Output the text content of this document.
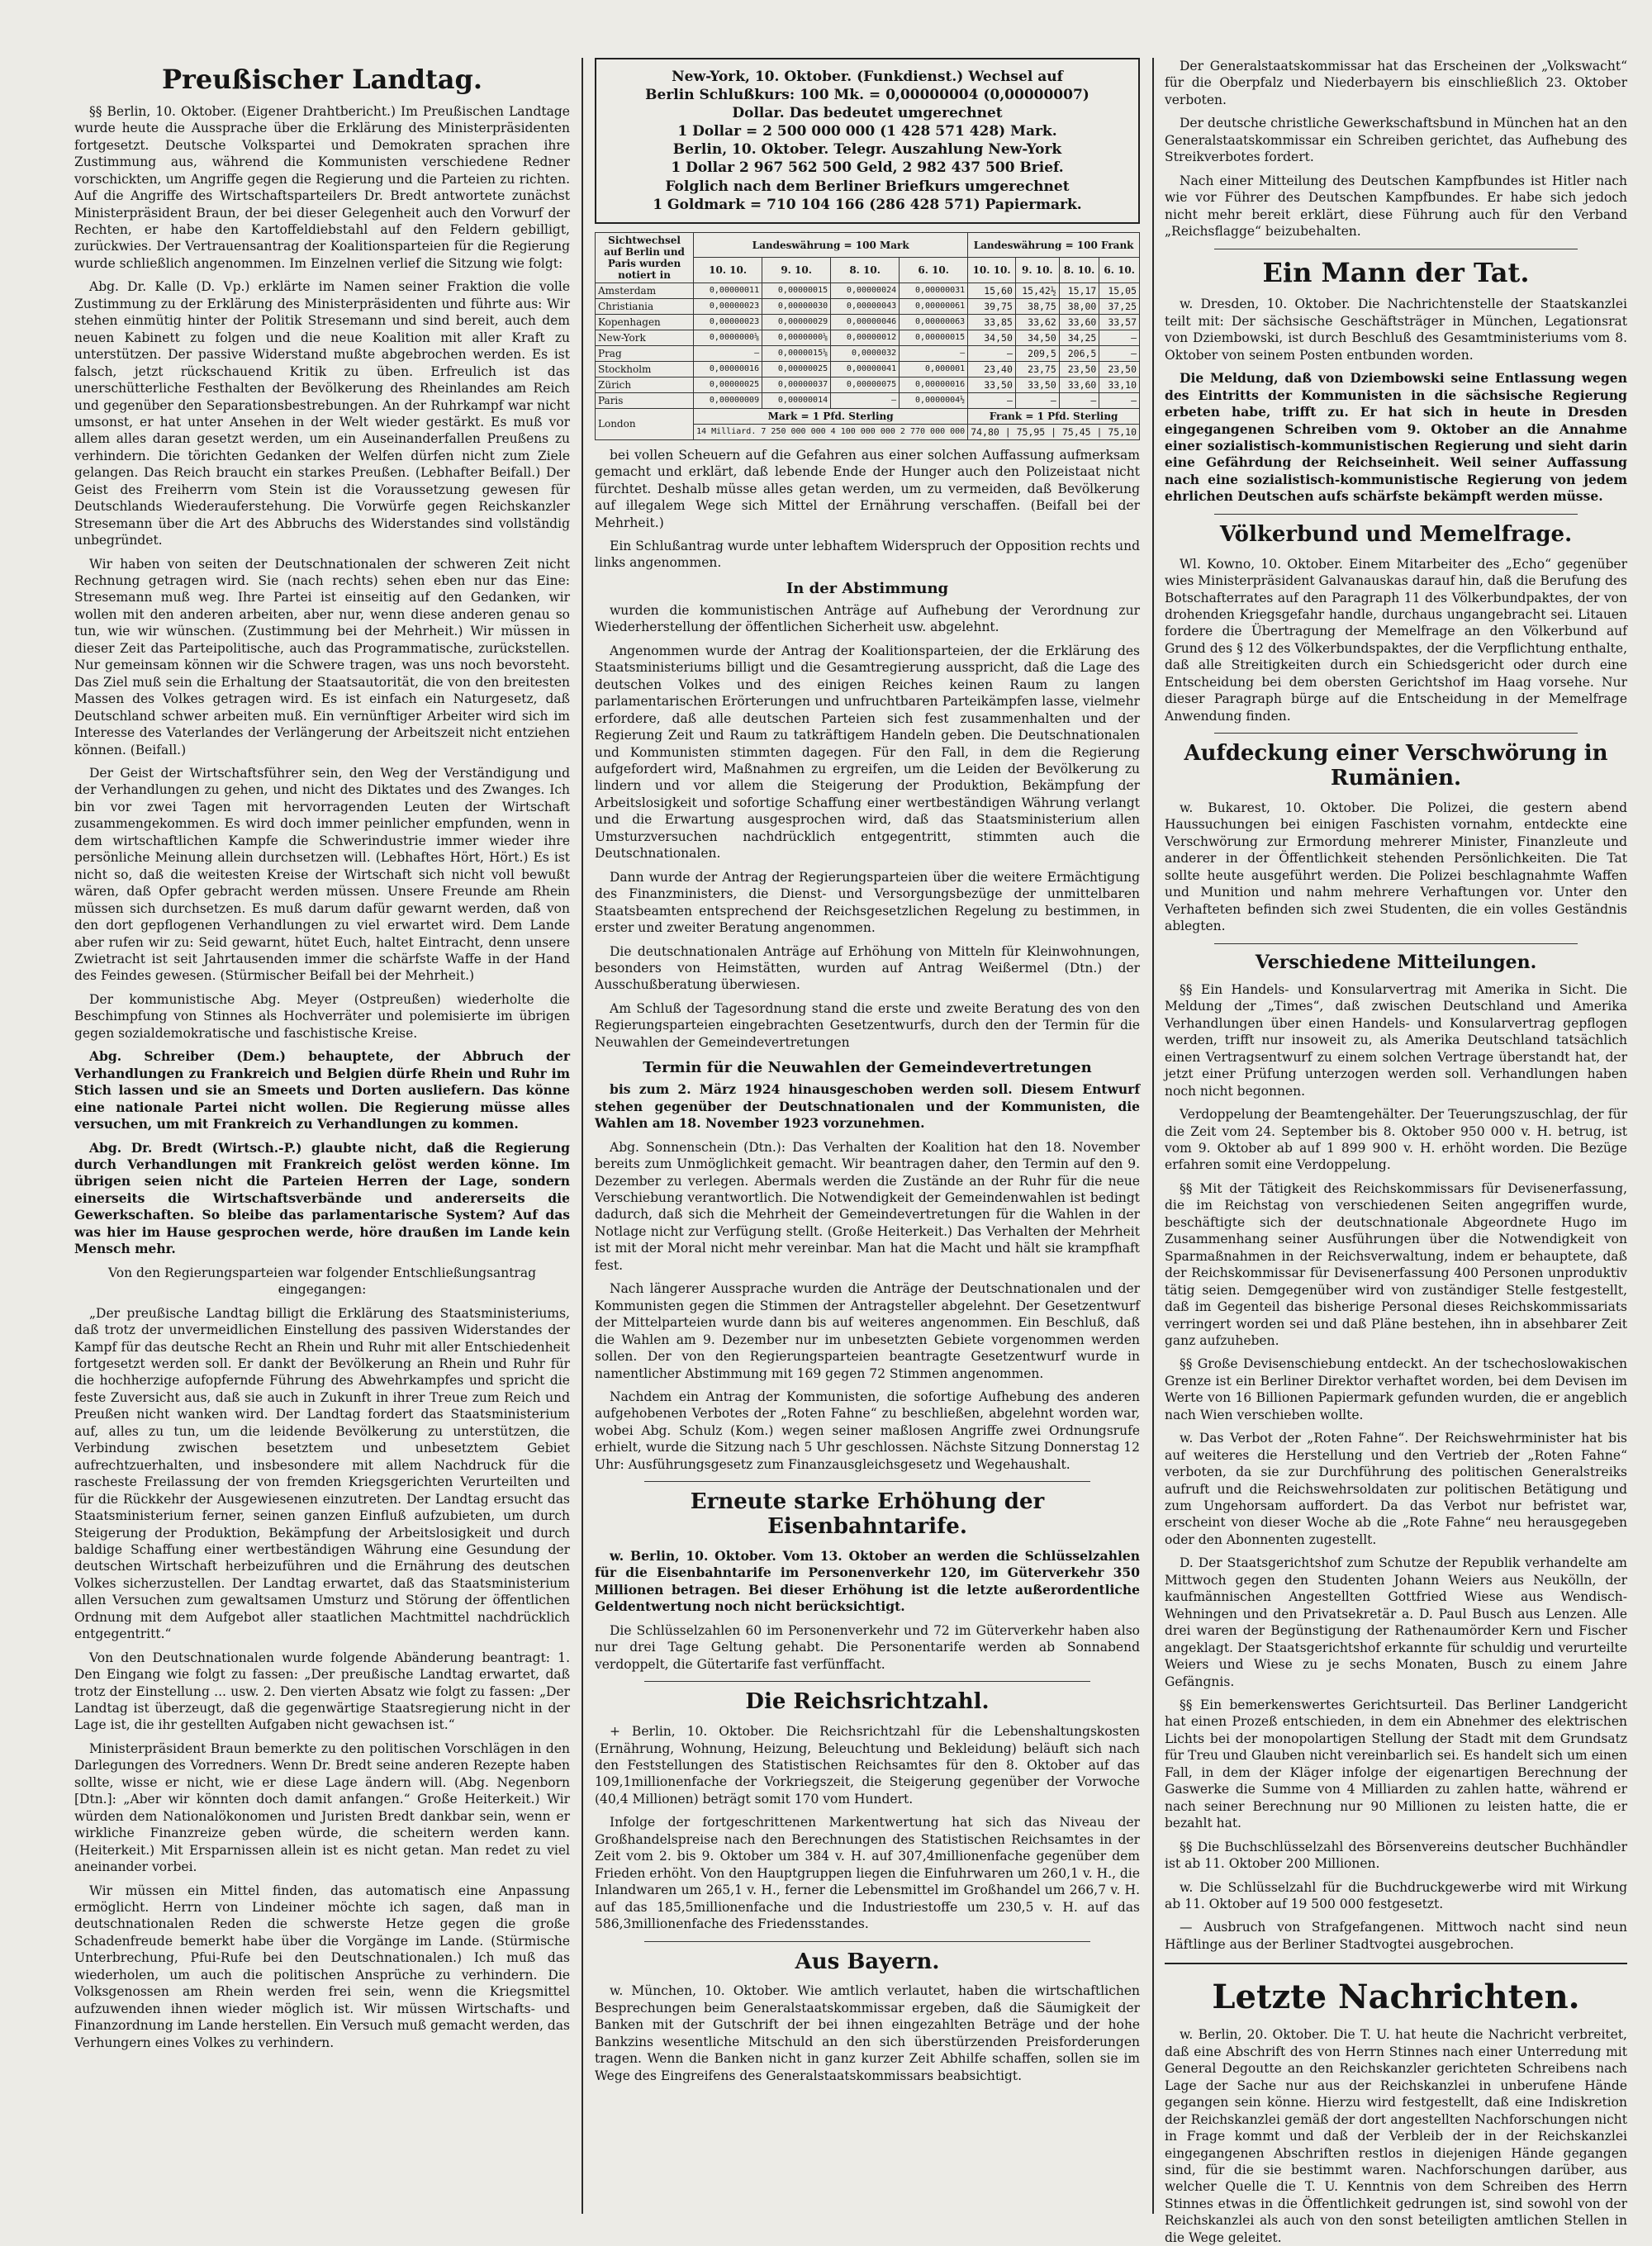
Preußischer Landtag.

§§ Berlin, 10. Oktober. (Eigener Drahtbericht.) Im Preußischen Landtage wurde heute die Aussprache über die Erklärung des Ministerpräsidenten fortgesetzt. Deutsche Volkspartei und Demokraten sprachen ihre Zustimmung aus, während die Kommunisten verschiedene Redner vorschickten, um Angriffe gegen die Regierung und die Parteien zu richten. Auf die Angriffe des Wirtschaftsparteilers Dr. Bredt antwortete zunächst Ministerpräsident Braun, der bei dieser Gelegenheit auch den Vorwurf der Rechten, er habe den Kartoffeldiebstahl auf den Feldern gebilligt, zurückwies. Der Vertrauensantrag der Koalitionsparteien für die Regierung wurde schließlich angenommen. Im Einzelnen verlief die Sitzung wie folgt:

Abg. Dr. Kalle (D. Vp.) erklärte im Namen seiner Fraktion die volle Zustimmung zu der Erklärung des Ministerpräsidenten und führte aus: Wir stehen einmütig hinter der Politik Stresemann und sind bereit, auch dem neuen Kabinett zu folgen und die neue Koalition mit aller Kraft zu unterstützen. Der passive Widerstand mußte abgebrochen werden. Es ist falsch, jetzt rückschauend Kritik zu üben. Erfreulich ist das unerschütterliche Festhalten der Bevölkerung des Rheinlandes am Reich und gegenüber den Separationsbestrebungen. An der Ruhrkampf war nicht umsonst, er hat unter Ansehen in der Welt wieder gestärkt. Es muß vor allem alles daran gesetzt werden, um ein Auseinanderfallen Preußens zu verhindern. Die törichten Gedanken der Welfen dürfen nicht zum Ziele gelangen. Das Reich braucht ein starkes Preußen. (Lebhafter Beifall.) Der Geist des Freiherrn vom Stein ist die Voraussetzung gewesen für Deutschlands Wiederauferstehung. Die Vorwürfe gegen Reichskanzler Stresemann über die Art des Abbruchs des Widerstandes sind vollständig unbegründet.

Wir haben von seiten der Deutschnationalen der schweren Zeit nicht Rechnung getragen wird. Sie (nach rechts) sehen eben nur das Eine: Stresemann muß weg. Ihre Partei ist einseitig auf den Gedanken, wir wollen mit den anderen arbeiten, aber nur, wenn diese anderen genau so tun, wie wir wünschen. (Zustimmung bei der Mehrheit.) Wir müssen in dieser Zeit das Parteipolitische, auch das Programmatische, zurückstellen. Nur gemeinsam können wir die Schwere tragen, was uns noch bevorsteht. Das Ziel muß sein die Erhaltung der Staatsautorität, die von den breitesten Massen des Volkes getragen wird. Es ist einfach ein Naturgesetz, daß Deutschland schwer arbeiten muß. Ein vernünftiger Arbeiter wird sich im Interesse des Vaterlandes der Verlängerung der Arbeitszeit nicht entziehen können. (Beifall.)

Der Geist der Wirtschaftsführer sein, den Weg der Verständigung und der Verhandlungen zu gehen, und nicht des Diktates und des Zwanges. Ich bin vor zwei Tagen mit hervorragenden Leuten der Wirtschaft zusammengekommen. Es wird doch immer peinlicher empfunden, wenn in dem wirtschaftlichen Kampfe die Schwerindustrie immer wieder ihre persönliche Meinung allein durchsetzen will. (Lebhaftes Hört, Hört.) Es ist nicht so, daß die weitesten Kreise der Wirtschaft sich nicht voll bewußt wären, daß Opfer gebracht werden müssen. Unsere Freunde am Rhein müssen sich durchsetzen. Es muß darum dafür gewarnt werden, daß von den dort gepflogenen Verhandlungen zu viel erwartet wird. Dem Lande aber rufen wir zu: Seid gewarnt, hütet Euch, haltet Eintracht, denn unsere Zwietracht ist seit Jahrtausenden immer die schärfste Waffe in der Hand des Feindes gewesen. (Stürmischer Beifall bei der Mehrheit.)

Der kommunistische Abg. Meyer (Ostpreußen) wiederholte die Beschimpfung von Stinnes als Hochverräter und polemisierte im übrigen gegen sozialdemokratische und faschistische Kreise.

Abg. Schreiber (Dem.) behauptete, der Abbruch der Verhandlungen zu Frankreich und Belgien dürfe Rhein und Ruhr im Stich lassen und sie an Smeets und Dorten ausliefern. Das könne eine nationale Partei nicht wollen. Die Regierung müsse alles versuchen, um mit Frankreich zu Verhandlungen zu kommen.

Abg. Dr. Bredt (Wirtsch.-P.) glaubte nicht, daß die Regierung durch Verhandlungen mit Frankreich gelöst werden könne. Im übrigen seien nicht die Parteien Herren der Lage, sondern einerseits die Wirtschaftsverbände und andererseits die Gewerkschaften. So bleibe das parlamentarische System? Auf das was hier im Hause gesprochen werde, höre draußen im Lande kein Mensch mehr.

Von den Regierungsparteien war folgender Entschließungsantrag eingegangen:

„Der preußische Landtag billigt die Erklärung des Staatsministeriums, daß trotz der unvermeidlichen Einstellung des passiven Widerstandes der Kampf für das deutsche Recht an Rhein und Ruhr mit aller Entschiedenheit fortgesetzt werden soll. Er dankt der Bevölkerung an Rhein und Ruhr für die hochherzige aufopfernde Führung des Abwehrkampfes und spricht die feste Zuversicht aus, daß sie auch in Zukunft in ihrer Treue zum Reich und Preußen nicht wanken wird. Der Landtag fordert das Staatsministerium auf, alles zu tun, um die leidende Bevölkerung zu unterstützen, die Verbindung zwischen besetztem und unbesetztem Gebiet aufrechtzuerhalten, und insbesondere mit allem Nachdruck für die rascheste Freilassung der von fremden Kriegsgerichten Verurteilten und für die Rückkehr der Ausgewiesenen einzutreten. Der Landtag ersucht das Staatsministerium ferner, seinen ganzen Einfluß aufzubieten, um durch Steigerung der Produktion, Bekämpfung der Arbeitslosigkeit und durch baldige Schaffung einer wertbeständigen Währung eine Gesundung der deutschen Wirtschaft herbeizuführen und die Ernährung des deutschen Volkes sicherzustellen. Der Landtag erwartet, daß das Staatsministerium allen Versuchen zum gewaltsamen Umsturz und Störung der öffentlichen Ordnung mit dem Aufgebot aller staatlichen Machtmittel nachdrücklich entgegentritt.“

Von den Deutschnationalen wurde folgende Abänderung beantragt: 1. Den Eingang wie folgt zu fassen: „Der preußische Landtag erwartet, daß trotz der Einstellung ... usw. 2. Den vierten Absatz wie folgt zu fassen: „Der Landtag ist überzeugt, daß die gegenwärtige Staatsregierung nicht in der Lage ist, die ihr gestellten Aufgaben nicht gewachsen ist.“

Ministerpräsident Braun bemerkte zu den politischen Vorschlägen in den Darlegungen des Vorredners. Wenn Dr. Bredt seine anderen Rezepte haben sollte, wisse er nicht, wie er diese Lage ändern will. (Abg. Negenborn [Dtn.]: „Aber wir könnten doch damit anfangen.“ Große Heiterkeit.) Wir würden dem Nationalökonomen und Juristen Bredt dankbar sein, wenn er wirkliche Finanzreize geben würde, die scheitern werden kann. (Heiterkeit.) Mit Ersparnissen allein ist es nicht getan. Man redet zu viel aneinander vorbei.

Wir müssen ein Mittel finden, das automatisch eine Anpassung ermöglicht. Herrn von Lindeiner möchte ich sagen, daß man in deutschnationalen Reden die schwerste Hetze gegen die große Schadenfreude bemerkt habe über die Vorgänge im Lande. (Stürmische Unterbrechung, Pfui-Rufe bei den Deutschnationalen.) Ich muß das wiederholen, um auch die politischen Ansprüche zu verhindern. Die Volksgenossen am Rhein werden frei sein, wenn die Kriegsmittel aufzuwenden ihnen wieder möglich ist. Wir müssen Wirtschafts- und Finanzordnung im Lande herstellen. Ein Versuch muß gemacht werden, das Verhungern eines Volkes zu verhindern.

New-York, 10. Oktober. (Funkdienst.) Wechsel auf

Berlin Schlußkurs: 100 Mk. = 0,00000004 (0,00000007)

Dollar. Das bedeutet umgerechnet

1 Dollar = 2 500 000 000 (1 428 571 428) Mark.

Berlin, 10. Oktober. Telegr. Auszahlung New-York

1 Dollar 2 967 562 500 Geld, 2 982 437 500 Brief.

Folglich nach dem Berliner Briefkurs umgerechnet

1 Goldmark = 710 104 166 (286 428 571) Papiermark.

Sichtwechsel auf Berlin und Paris wurden notiert in	Landeswährung = 100 Mark				Landeswährung = 100 Frank			
	10. 10.	9. 10.	8. 10.	6. 10.	10. 10.	9. 10.	8. 10.	6. 10.
Amsterdam	0,00000011	0,00000015	0,00000024	0,00000031	15,60	15,42½	15,17	15,05
Christiania	0,00000023	0,00000030	0,00000043	0,00000061	39,75	38,75	38,00	37,25
Kopenhagen	0,00000023	0,00000029	0,00000046	0,00000063	33,85	33,62	33,60	33,57
New-York	0,0000000⅛	0,0000000⅛	0,00000012	0,00000015	34,50	34,50	34,25	—
Prag	—	0,0000015⅛	0,0000032	—	—	209,5	206,5	—
Stockholm	0,00000016	0,00000025	0,00000041	0,000001	23,40	23,75	23,50	23,50
Zürich	0,00000025	0,00000037	0,00000075	0,00000016	33,50	33,50	33,60	33,10
Paris	0,00000009	0,00000014	—	0,0000004½	—	—	—	—
London	Mark = 1 Pfd. Sterling				Frank = 1 Pfd. Sterling			
	14 Milliard. 7 250 000 000 4 100 000 000 2 770 000 000				74,80 | 75,95 | 75,45 | 75,10			

bei vollen Scheuern auf die Gefahren aus einer solchen Auffassung aufmerksam gemacht und erklärt, daß lebende Ende der Hunger auch den Polizeistaat nicht fürchtet. Deshalb müsse alles getan werden, um zu vermeiden, daß Bevölkerung auf illegalem Wege sich Mittel der Ernährung verschaffen. (Beifall bei der Mehrheit.)

Ein Schlußantrag wurde unter lebhaftem Widerspruch der Opposition rechts und links angenommen.

In der Abstimmung

wurden die kommunistischen Anträge auf Aufhebung der Verordnung zur Wiederherstellung der öffentlichen Sicherheit usw. abgelehnt.

Angenommen wurde der Antrag der Koalitionsparteien, der die Erklärung des Staatsministeriums billigt und die Gesamtregierung ausspricht, daß die Lage des deutschen Volkes und des einigen Reiches keinen Raum zu langen parlamentarischen Erörterungen und unfruchtbaren Parteikämpfen lasse, vielmehr erfordere, daß alle deutschen Parteien sich fest zusammenhalten und der Regierung Zeit und Raum zu tatkräftigem Handeln geben. Die Deutschnationalen und Kommunisten stimmten dagegen. Für den Fall, in dem die Regierung aufgefordert wird, Maßnahmen zu ergreifen, um die Leiden der Bevölkerung zu lindern und vor allem die Steigerung der Produktion, Bekämpfung der Arbeitslosigkeit und sofortige Schaffung einer wertbeständigen Währung verlangt und die Erwartung ausgesprochen wird, daß das Staatsministerium allen Umsturzversuchen nachdrücklich entgegentritt, stimmten auch die Deutschnationalen.

Dann wurde der Antrag der Regierungsparteien über die weitere Ermächtigung des Finanzministers, die Dienst- und Versorgungsbezüge der unmittelbaren Staatsbeamten entsprechend der Reichsgesetzlichen Regelung zu bestimmen, in erster und zweiter Beratung angenommen.

Die deutschnationalen Anträge auf Erhöhung von Mitteln für Kleinwohnungen, besonders von Heimstätten, wurden auf Antrag Weißermel (Dtn.) der Ausschußberatung überwiesen.

Am Schluß der Tagesordnung stand die erste und zweite Beratung des von den Regierungsparteien eingebrachten Gesetzentwurfs, durch den der Termin für die Neuwahlen der Gemeindevertretungen

Termin für die Neuwahlen der Gemeindevertretungen

bis zum 2. März 1924 hinausgeschoben werden soll. Diesem Entwurf stehen gegenüber der Deutschnationalen und der Kommunisten, die Wahlen am 18. November 1923 vorzunehmen.

Abg. Sonnenschein (Dtn.): Das Verhalten der Koalition hat den 18. November bereits zum Unmöglichkeit gemacht. Wir beantragen daher, den Termin auf den 9. Dezember zu verlegen. Abermals werden die Zustände an der Ruhr für die neue Verschiebung verantwortlich. Die Notwendigkeit der Gemeindenwahlen ist bedingt dadurch, daß sich die Mehrheit der Gemeindevertretungen für die Wahlen in der Notlage nicht zur Verfügung stellt. (Große Heiterkeit.) Das Verhalten der Mehrheit ist mit der Moral nicht mehr vereinbar. Man hat die Macht und hält sie krampfhaft fest.

Nach längerer Aussprache wurden die Anträge der Deutschnationalen und der Kommunisten gegen die Stimmen der Antragsteller abgelehnt. Der Gesetzentwurf der Mittelparteien wurde dann bis auf weiteres angenommen. Ein Beschluß, daß die Wahlen am 9. Dezember nur im unbesetzten Gebiete vorgenommen werden sollen. Der von den Regierungsparteien beantragte Gesetzentwurf wurde in namentlicher Abstimmung mit 169 gegen 72 Stimmen angenommen.

Nachdem ein Antrag der Kommunisten, die sofortige Aufhebung des anderen aufgehobenen Verbotes der „Roten Fahne“ zu beschließen, abgelehnt worden war, wobei Abg. Schulz (Kom.) wegen seiner maßlosen Angriffe zwei Ordnungsrufe erhielt, wurde die Sitzung nach 5 Uhr geschlossen. Nächste Sitzung Donnerstag 12 Uhr: Ausführungsgesetz zum Finanzausgleichsgesetz und Wegehaushalt.

Erneute starke Erhöhung der Eisenbahntarife.

w. Berlin, 10. Oktober. Vom 13. Oktober an werden die Schlüsselzahlen für die Eisenbahntarife im Personenverkehr 120, im Güterverkehr 350 Millionen betragen. Bei dieser Erhöhung ist die letzte außerordentliche Geldentwertung noch nicht berücksichtigt.

Die Schlüsselzahlen 60 im Personenverkehr und 72 im Güterverkehr haben also nur drei Tage Geltung gehabt. Die Personentarife werden ab Sonnabend verdoppelt, die Gütertarife fast verfünffacht.

Die Reichsrichtzahl.

+ Berlin, 10. Oktober. Die Reichsrichtzahl für die Lebenshaltungskosten (Ernährung, Wohnung, Heizung, Beleuchtung und Bekleidung) beläuft sich nach den Feststellungen des Statistischen Reichsamtes für den 8. Oktober auf das 109,1millionenfache der Vorkriegszeit, die Steigerung gegenüber der Vorwoche (40,4 Millionen) beträgt somit 170 vom Hundert.

Infolge der fortgeschrittenen Markentwertung hat sich das Niveau der Großhandelspreise nach den Berechnungen des Statistischen Reichsamtes in der Zeit vom 2. bis 9. Oktober um 384 v. H. auf 307,4millionenfache gegenüber dem Frieden erhöht. Von den Hauptgruppen liegen die Einfuhrwaren um 260,1 v. H., die Inlandwaren um 265,1 v. H., ferner die Lebensmittel im Großhandel um 266,7 v. H. auf das 185,5millionenfache und die Industriestoffe um 230,5 v. H. auf das 586,3millionenfache des Friedensstandes.

Aus Bayern.

w. München, 10. Oktober. Wie amtlich verlautet, haben die wirtschaftlichen Besprechungen beim Generalstaatskommissar ergeben, daß die Säumigkeit der Banken mit der Gutschrift der bei ihnen eingezahlten Beträge und der hohe Bankzins wesentliche Mitschuld an den sich überstürzenden Preisforderungen tragen. Wenn die Banken nicht in ganz kurzer Zeit Abhilfe schaffen, sollen sie im Wege des Eingreifens des Generalstaatskommissars beabsichtigt.

Der Generalstaatskommissar hat das Erscheinen der „Volkswacht“ für die Oberpfalz und Niederbayern bis einschließlich 23. Oktober verboten.

Der deutsche christliche Gewerkschaftsbund in München hat an den Generalstaatskommissar ein Schreiben gerichtet, das Aufhebung des Streikverbotes fordert.

Nach einer Mitteilung des Deutschen Kampfbundes ist Hitler nach wie vor Führer des Deutschen Kampfbundes. Er habe sich jedoch nicht mehr bereit erklärt, diese Führung auch für den Verband „Reichsflagge“ beizubehalten.

Ein Mann der Tat.

w. Dresden, 10. Oktober. Die Nachrichtenstelle der Staatskanzlei teilt mit: Der sächsische Geschäftsträger in München, Legationsrat von Dziembowski, ist durch Beschluß des Gesamtministeriums vom 8. Oktober von seinem Posten entbunden worden.

Die Meldung, daß von Dziembowski seine Entlassung wegen des Eintritts der Kommunisten in die sächsische Regierung erbeten habe, trifft zu. Er hat sich in heute in Dresden eingegangenen Schreiben vom 9. Oktober an die Annahme einer sozialistisch-kommunistischen Regierung und sieht darin eine Gefährdung der Reichseinheit. Weil seiner Auffassung nach eine sozialistisch-kommunistische Regierung von jedem ehrlichen Deutschen aufs schärfste bekämpft werden müsse.

Völkerbund und Memelfrage.

Wl. Kowno, 10. Oktober. Einem Mitarbeiter des „Echo“ gegenüber wies Ministerpräsident Galvanauskas darauf hin, daß die Berufung des Botschafterrates auf den Paragraph 11 des Völkerbundpaktes, der von drohenden Kriegsgefahr handle, durchaus ungangebracht sei. Litauen fordere die Übertragung der Memelfrage an den Völkerbund auf Grund des § 12 des Völkerbundspaktes, der die Verpflichtung enthalte, daß alle Streitigkeiten durch ein Schiedsgericht oder durch eine Entscheidung bei dem obersten Gerichtshof im Haag vorsehe. Nur dieser Paragraph bürge auf die Entscheidung in der Memelfrage Anwendung finden.

Aufdeckung einer Verschwörung in Rumänien.

w. Bukarest, 10. Oktober. Die Polizei, die gestern abend Haussuchungen bei einigen Faschisten vornahm, entdeckte eine Verschwörung zur Ermordung mehrerer Minister, Finanzleute und anderer in der Öffentlichkeit stehenden Persönlichkeiten. Die Tat sollte heute ausgeführt werden. Die Polizei beschlagnahmte Waffen und Munition und nahm mehrere Verhaftungen vor. Unter den Verhafteten befinden sich zwei Studenten, die ein volles Geständnis ablegten.

Verschiedene Mitteilungen.

§§ Ein Handels- und Konsularvertrag mit Amerika in Sicht. Die Meldung der „Times“, daß zwischen Deutschland und Amerika Verhandlungen über einen Handels- und Konsularvertrag gepflogen werden, trifft nur insoweit zu, als Amerika Deutschland tatsächlich einen Vertragsentwurf zu einem solchen Vertrage überstandt hat, der jetzt einer Prüfung unterzogen werden soll. Verhandlungen haben noch nicht begonnen.

Verdoppelung der Beamtengehälter. Der Teuerungszuschlag, der für die Zeit vom 24. September bis 8. Oktober 950 000 v. H. betrug, ist vom 9. Oktober ab auf 1 899 900 v. H. erhöht worden. Die Bezüge erfahren somit eine Verdoppelung.

§§ Mit der Tätigkeit des Reichskommissars für Devisenerfassung, die im Reichstag von verschiedenen Seiten angegriffen wurde, beschäftigte sich der deutschnationale Abgeordnete Hugo im Zusammenhang seiner Ausführungen über die Notwendigkeit von Sparmaßnahmen in der Reichsverwaltung, indem er behauptete, daß der Reichskommissar für Devisenerfassung 400 Personen unproduktiv tätig seien. Demgegenüber wird von zuständiger Stelle festgestellt, daß im Gegenteil das bisherige Personal dieses Reichskommissariats verringert worden sei und daß Pläne bestehen, ihn in absehbarer Zeit ganz aufzuheben.

§§ Große Devisenschiebung entdeckt. An der tschechoslowakischen Grenze ist ein Berliner Direktor verhaftet worden, bei dem Devisen im Werte von 16 Billionen Papiermark gefunden wurden, die er angeblich nach Wien verschieben wollte.

w. Das Verbot der „Roten Fahne“. Der Reichswehrminister hat bis auf weiteres die Herstellung und den Vertrieb der „Roten Fahne“ verboten, da sie zur Durchführung des politischen Generalstreiks aufruft und die Reichswehrsoldaten zur politischen Betätigung und zum Ungehorsam auffordert. Da das Verbot nur befristet war, erscheint von dieser Woche ab die „Rote Fahne“ neu herausgegeben oder den Abonnenten zugestellt.

D. Der Staatsgerichtshof zum Schutze der Republik verhandelte am Mittwoch gegen den Studenten Johann Weiers aus Neukölln, der kaufmännischen Angestellten Gottfried Wiese aus Wendisch-Wehningen und den Privatsekretär a. D. Paul Busch aus Lenzen. Alle drei waren der Begünstigung der Rathenaumörder Kern und Fischer angeklagt. Der Staatsgerichtshof erkannte für schuldig und verurteilte Weiers und Wiese zu je sechs Monaten, Busch zu einem Jahre Gefängnis.

§§ Ein bemerkenswertes Gerichtsurteil. Das Berliner Landgericht hat einen Prozeß entschieden, in dem ein Abnehmer des elektrischen Lichts bei der monopolartigen Stellung der Stadt mit dem Grundsatz für Treu und Glauben nicht vereinbarlich sei. Es handelt sich um einen Fall, in dem der Kläger infolge der eigenartigen Berechnung der Gaswerke die Summe von 4 Milliarden zu zahlen hatte, während er nach seiner Berechnung nur 90 Millionen zu leisten hatte, die er bezahlt hat.

§§ Die Buchschlüsselzahl des Börsenvereins deutscher Buchhändler ist ab 11. Oktober 200 Millionen.

w. Die Schlüsselzahl für die Buchdruckgewerbe wird mit Wirkung ab 11. Oktober auf 19 500 000 festgesetzt.

— Ausbruch von Strafgefangenen. Mittwoch nacht sind neun Häftlinge aus der Berliner Stadtvogtei ausgebrochen.

Letzte Nachrichten.

w. Berlin, 20. Oktober. Die T. U. hat heute die Nachricht verbreitet, daß eine Abschrift des von Herrn Stinnes nach einer Unterredung mit General Degoutte an den Reichskanzler gerichteten Schreibens nach Lage der Sache nur aus der Reichskanzlei in unberufene Hände gegangen sein könne. Hierzu wird festgestellt, daß eine Indiskretion der Reichskanzlei gemäß der dort angestellten Nachforschungen nicht in Frage kommt und daß der Verbleib der in der Reichskanzlei eingegangenen Abschriften restlos in diejenigen Hände gegangen sind, für die sie bestimmt waren. Nachforschungen darüber, aus welcher Quelle die T. U. Kenntnis von dem Schreiben des Herrn Stinnes etwas in die Öffentlichkeit gedrungen ist, sind sowohl von der Reichskanzlei als auch von den sonst beteiligten amtlichen Stellen in die Wege geleitet.
